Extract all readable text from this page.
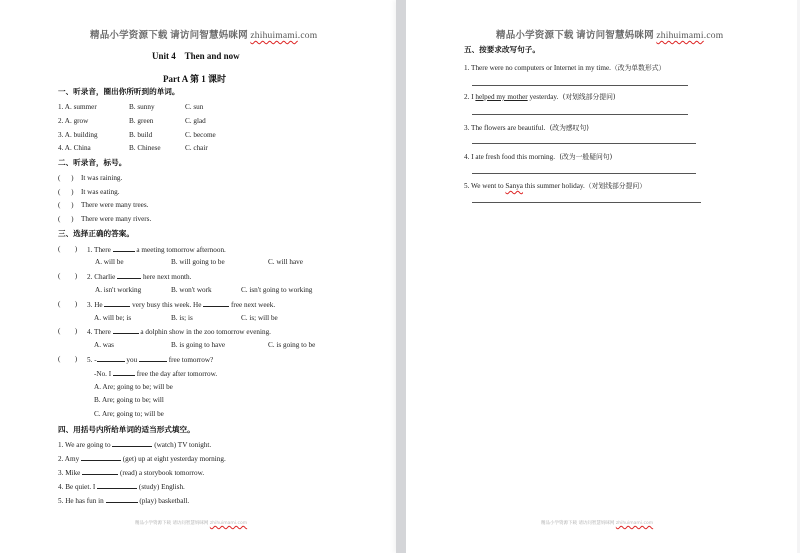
精品小学资源下载 请访问智慧妈咪网 zhihuimami.com
Unit 4    Then and now
Part A 第 1 课时
一、听录音，圈出你所听到的单词。
1. A. summer	B. sunny	C. sun
2. A. grow	B. green	C. glad
3. A. building	B. build	C. become
4. A. China	B. Chinese	C. chair
二、听录音，标号。
(      ) It was raining.
(      ) It was eating.
(      ) There were many trees.
(      ) There were many rivers.
三、选择正确的答案。
(        ) 1. There	a meeting tomorrow afternoon.
A. will be	B. will going to be	C. will have
(        ) 2. Charlie	here next month.
A. isn't working	B. won't work	C. isn't going to working
(        ) 3. He	very busy this week. He	free next week.
A. will be; is	B. is; is	C. is; will be
(        ) 4. There	a dolphin show in the zoo tomorrow evening.
A. was	B. is going to have	C. is going to be
(        ) 5. -	you	free tomorrow?
-No. I	free the day after tomorrow.
A. Are; going to be; will be
B. Are; going to be; will
C. Are; going to; will be
四、用括号内所给单词的适当形式填空。
1. We are going to	(watch) TV tonight.
2. Amy	(get) up at eight yesterday morning.
3. Mike	(read) a storybook tomorrow.
4. Be quiet. I	(study) English.
5. He has fun in	(play) basketball.
精品小学资源下载 请访问智慧妈咪网 zhihuimami.com
精品小学资源下载 请访问智慧妈咪网 zhihuimami.com
五、按要求改写句子。
1. There were no computers or Internet in my time.（改为单数形式）
2. I helped my mother yesterday.  (对划线部分提问)
3. The flowers are beautiful.  (改为感叹句)
4. I ate fresh food this morning.  (改为一般疑问句)
5. We went to Sanya this summer holiday.（对划线部分提问）
精品小学资源下载 请访问智慧妈咪网 zhihuimami.com
